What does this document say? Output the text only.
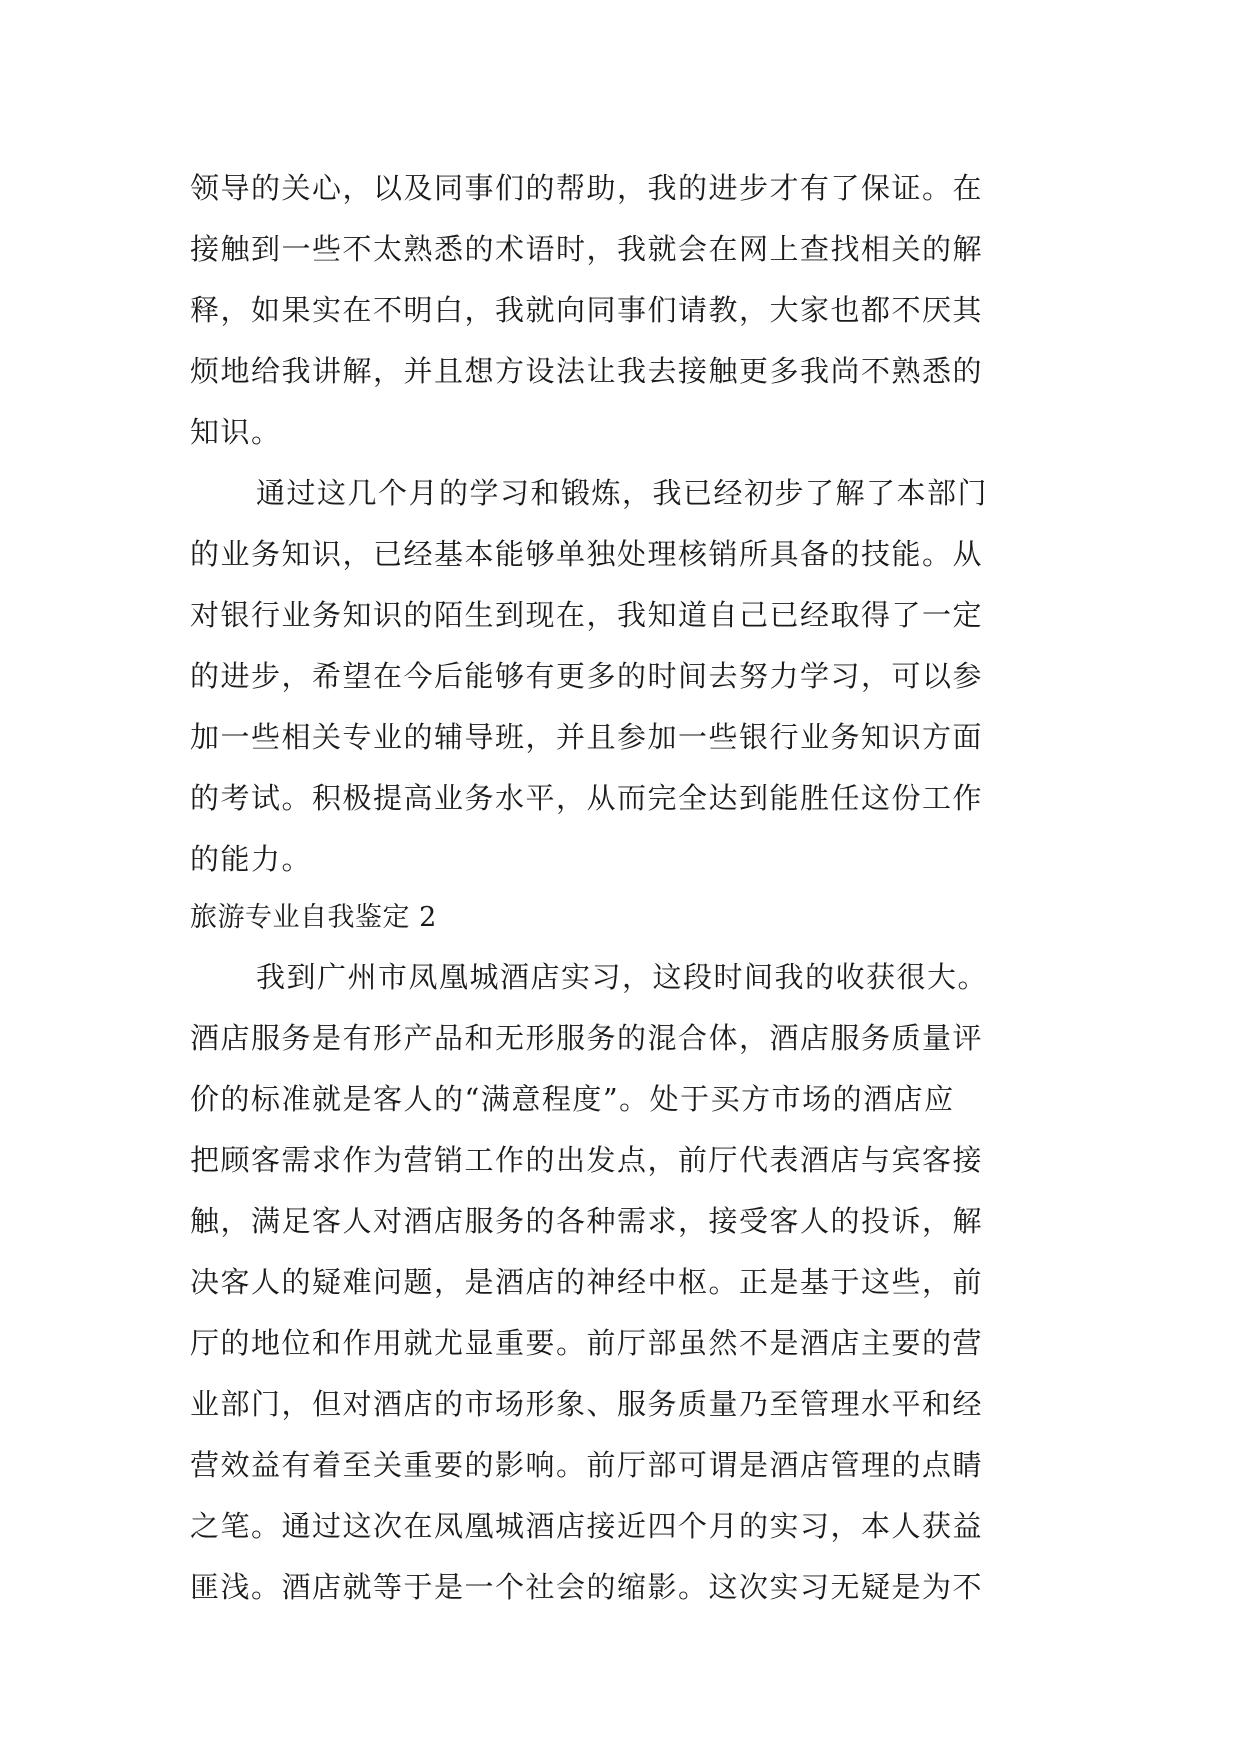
领导的关心，以及同事们的帮助，我的进步才有了保证。在
接触到一些不太熟悉的术语时，我就会在网上查找相关的解
释，如果实在不明白，我就向同事们请教，大家也都不厌其
烦地给我讲解，并且想方设法让我去接触更多我尚不熟悉的
知识。
通过这几个月的学习和锻炼，我已经初步了解了本部门
的业务知识，已经基本能够单独处理核销所具备的技能。从
对银行业务知识的陌生到现在，我知道自己已经取得了一定
的进步，希望在今后能够有更多的时间去努力学习，可以参
加一些相关专业的辅导班，并且参加一些银行业务知识方面
的考试。积极提高业务水平，从而完全达到能胜任这份工作
的能力。
旅游专业自我鉴定 2
我到广州市凤凰城酒店实习，这段时间我的收获很大。
酒店服务是有形产品和无形服务的混合体，酒店服务质量评
价的标准就是客人的“满意程度”。处于买方市场的酒店应
把顾客需求作为营销工作的出发点，前厅代表酒店与宾客接
触，满足客人对酒店服务的各种需求，接受客人的投诉，解
决客人的疑难问题，是酒店的神经中枢。正是基于这些，前
厅的地位和作用就尤显重要。前厅部虽然不是酒店主要的营
业部门，但对酒店的市场形象、服务质量乃至管理水平和经
营效益有着至关重要的影响。前厅部可谓是酒店管理的点睛
之笔。通过这次在凤凰城酒店接近四个月的实习，本人获益
匪浅。酒店就等于是一个社会的缩影。这次实习无疑是为不
